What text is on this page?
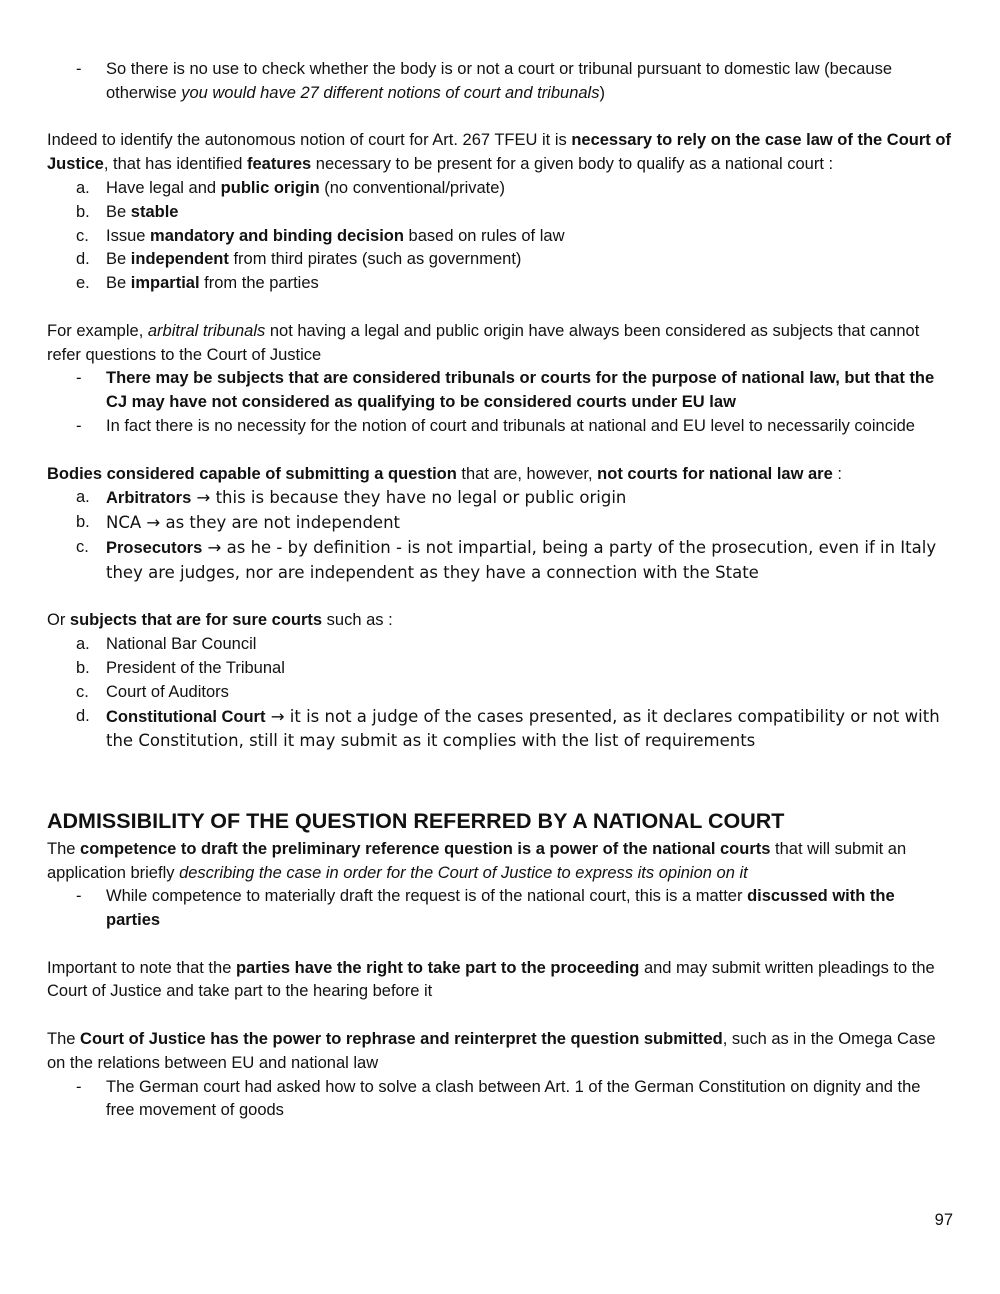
- So there is no use to check whether the body is or not a court or tribunal pursuant to domestic law (because otherwise you would have 27 different notions of court and tribunals)

Indeed to identify the autonomous notion of court for Art. 267 TFEU it is necessary to rely on the case law of the Court of Justice, that has identified features necessary to be present for a given body to qualify as a national court :

a. Have legal and public origin (no conventional/private)
b. Be stable
c.	Issue mandatory and binding decision based on rules of law
d. Be independent from third pirates (such as government)
e. Be impartial from the parties

For example, arbitral tribunals not having a legal and public origin have always been considered as subjects that cannot refer questions to the Court of Justice

- There may be subjects that are considered tribunals or courts for the purpose of national law, but that the CJ may have not considered as qualifying to be considered courts under EU law
- In fact there is no necessity for the notion of court and tribunals at national and EU level to necessarily coincide

Bodies considered capable of submitting a question that are, however, not courts for national law are :

a. Arbitrators → this is because they have no legal or public origin
b. NCA → as they are not independent
c.	Prosecutors → as he - by definition - is not impartial, being a party of the prosecution, even if in Italy they are judges, nor are independent as they have a connection with the State

Or subjects that are for sure courts such as :

a. National Bar Council
b. President of the Tribunal
c.	Court of Auditors
d. Constitutional Court → it is not a judge of the cases presented, as it declares compatibility or not with the Constitution, still it may submit as it complies with the list of requirements
ADMISSIBILITY OF THE QUESTION REFERRED BY A NATIONAL COURT

The competence to draft the preliminary reference question is a power of the national courts that will submit an application briefly describing the case in order for the Court of Justice to express its opinion on it

- While competence to materially draft the request is of the national court, this is a matter discussed with the parties

Important to note that the parties have the right to take part to the proceeding and may submit written pleadings to the Court of Justice and take part to the hearing before it

The Court of Justice has the power to rephrase and reinterpret the question submitted, such as in the Omega Case on the relations between EU and national law

- The German court had asked how to solve a clash between Art. 1 of the German Constitution on dignity and the free movement of goods
97
